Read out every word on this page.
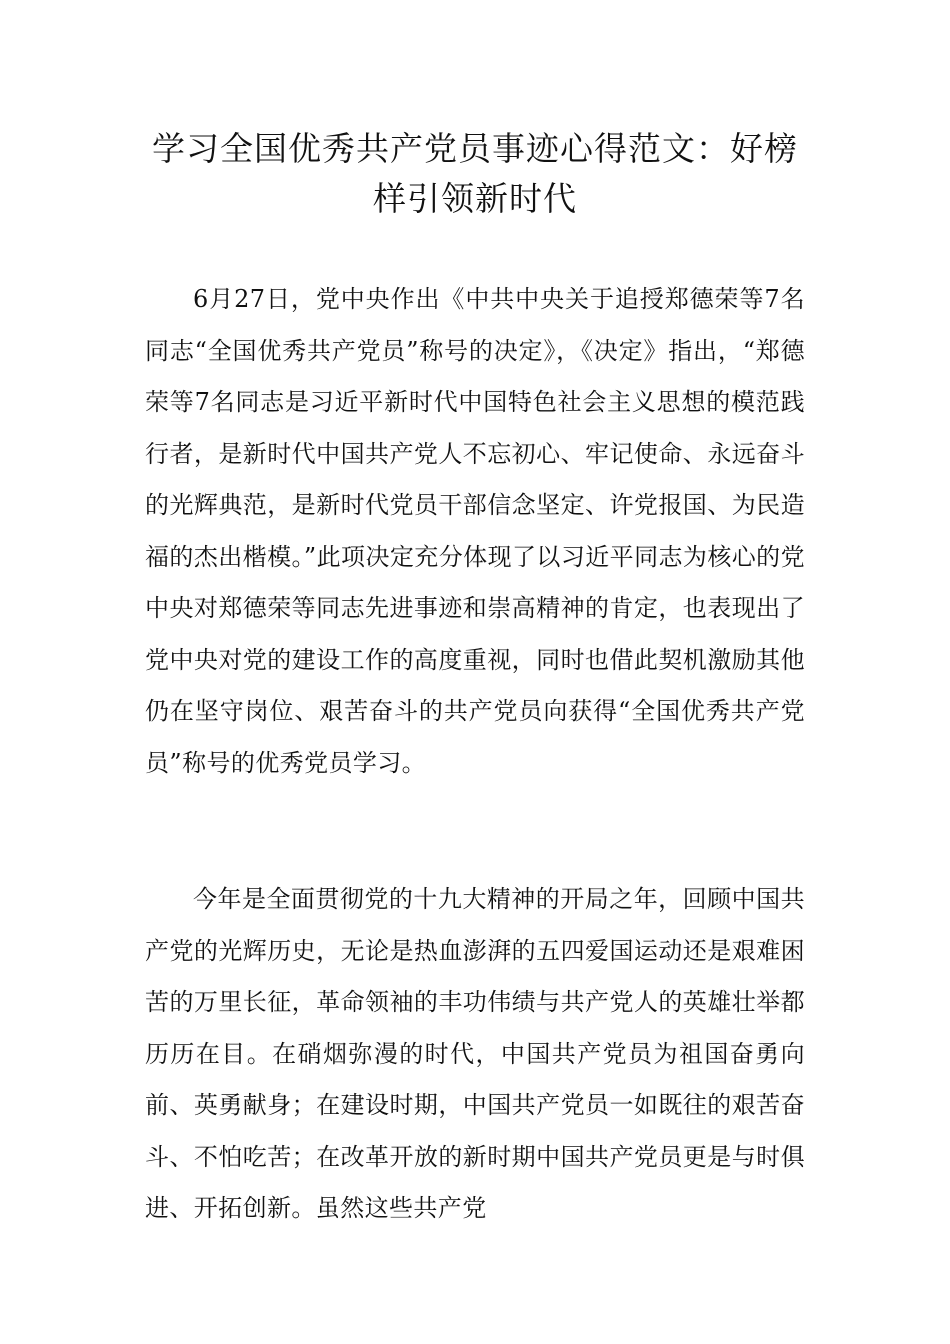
学习全国优秀共产党员事迹心得范文：好榜样引领新时代

6月27日，党中央作出《中共中央关于追授郑德荣等7名同志“全国优秀共产党员”称号的决定》，《决定》指出，“郑德荣等7名同志是习近平新时代中国特色社会主义思想的模范践行者，是新时代中国共产党人不忘初心、牢记使命、永远奋斗的光辉典范，是新时代党员干部信念坚定、许党报国、为民造福的杰出楷模。”此项决定充分体现了以习近平同志为核心的党中央对郑德荣等同志先进事迹和崇高精神的肯定，也表现出了党中央对党的建设工作的高度重视，同时也借此契机激励其他仍在坚守岗位、艰苦奋斗的共产党员向获得“全国优秀共产党员”称号的优秀党员学习。

今年是全面贯彻党的十九大精神的开局之年，回顾中国共产党的光辉历史，无论是热血澎湃的五四爱国运动还是艰难困苦的万里长征，革命领袖的丰功伟绩与共产党人的英雄壮举都历历在目。在硝烟弥漫的时代，中国共产党员为祖国奋勇向前、英勇献身；在建设时期，中国共产党员一如既往的艰苦奋斗、不怕吃苦；在改革开放的新时期中国共产党员更是与时俱进、开拓创新。虽然这些共产党
